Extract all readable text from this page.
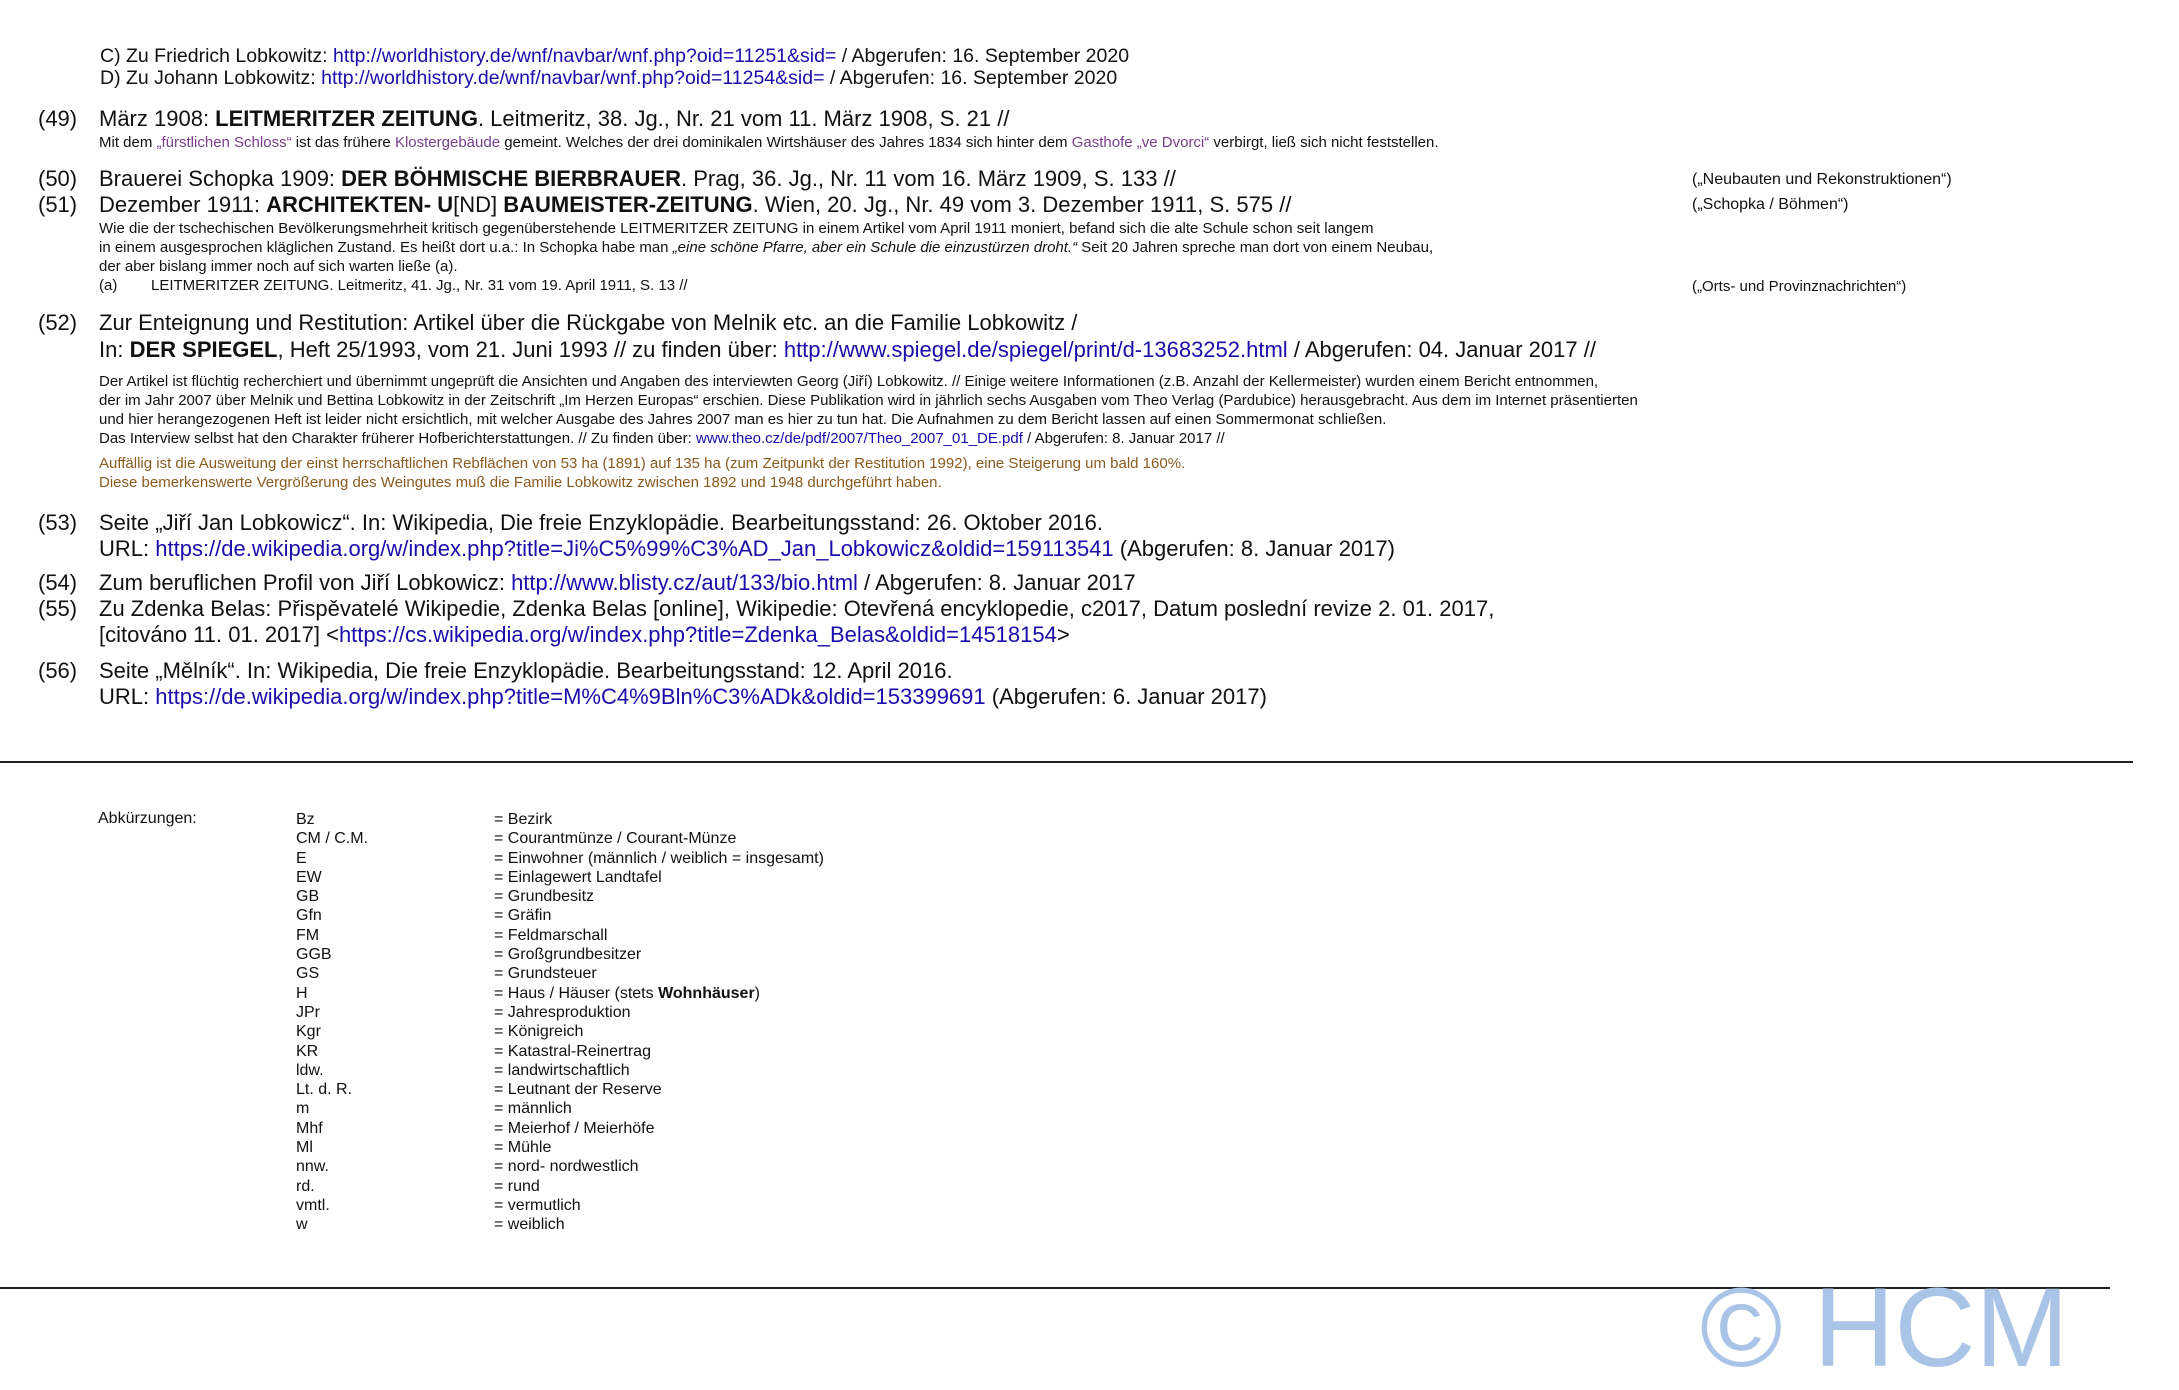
C) Zu Friedrich Lobkowitz: http://worldhistory.de/wnf/navbar/wnf.php?oid=11251&sid= / Abgerufen: 16. September 2020
D) Zu Johann Lobkowitz: http://worldhistory.de/wnf/navbar/wnf.php?oid=11254&sid= / Abgerufen: 16. September 2020
(49) März 1908: LEITMERITZER ZEITUNG. Leitmeritz, 38. Jg., Nr. 21 vom 11. März 1908, S. 21 //
Mit dem „fürstlichen Schloss“ ist das frühere Klostergebäude gemeint. Welches der drei dominikalen Wirtshäuser des Jahres 1834 sich hinter dem Gasthofe „ve Dvorci“ verbirgt, ließ sich nicht feststellen.
(50) Brauerei Schopka 1909: DER BÖHMISCHE BIERBRAUER. Prag, 36. Jg., Nr. 11 vom 16. März 1909, S. 133 //	(„Neubauten und Rekonstruktionen“)
(51) Dezember 1911: ARCHITEKTEN- U[ND] BAUMEISTER-ZEITUNG. Wien, 20. Jg., Nr. 49 vom 3. Dezember 1911, S. 575 //
Wie die der tschechischen Bevölkerungsmehrheit kritisch gegenüberstehende LEITMERITZER ZEITUNG in einem Artikel vom April 1911 moniert, befand sich die alte Schule schon seit langem
in einem ausgesprochen kläglichen Zustand. Es heißt dort u.a.: In Schopka habe man „eine schöne Pfarre, aber ein Schule die einzustürzen droht.“ Seit 20 Jahren spreche man dort von einem Neubau,
der aber bislang immer noch auf sich warten ließe (a).
(a) LEITMERITZER ZEITUNG. Leitmeritz, 41. Jg., Nr. 31 vom 19. April 1911, S. 13 //
(„Schopka / Böhmen“)
(„Orts- und Provinznachrichten“)
(52) Zur Enteignung und Restitution: Artikel über die Rückgabe von Melnik etc. an die Familie Lobkowitz /
In: DER SPIEGEL, Heft 25/1993, vom 21. Juni 1993 // zu finden über: http://www.spiegel.de/spiegel/print/d-13683252.html / Abgerufen: 04. Januar 2017 //
Der Artikel ist flüchtig recherchiert und übernimmt ungeprüft die Ansichten und Angaben des interviewten Georg (Jiří) Lobkowitz. // Einige weitere Informationen (z.B. Anzahl der Kellermeister) wurden einem Bericht entnommen,
der im Jahr 2007 über Melnik und Bettina Lobkowitz in der Zeitschrift „Im Herzen Europas“ erschien. Diese Publikation wird in jährlich sechs Ausgaben vom Theo Verlag (Pardubice) herausgebracht. Aus dem im Internet präsentierten
und hier herangezogenen Heft ist leider nicht ersichtlich, mit welcher Ausgabe des Jahres 2007 man es hier zu tun hat. Die Aufnahmen zu dem Bericht lassen auf einen Sommermonat schließen.
Das Interview selbst hat den Charakter früherer Hofberichterstattungen. // Zu finden über: www.theo.cz/de/pdf/2007/Theo_2007_01_DE.pdf / Abgerufen: 8. Januar 2017 //
Auffällig ist die Ausweitung der einst herrschaftlichen Rebflächen von 53 ha (1891) auf 135 ha (zum Zeitpunkt der Restitution 1992), eine Steigerung um bald 160%.
Diese bemerkenswerte Vergrößerung des Weingutes muß die Familie Lobkowitz zwischen 1892 und 1948 durchgeführt haben.
(53) Seite „Jiří Jan Lobkowicz“. In: Wikipedia, Die freie Enzyklopädie. Bearbeitungsstand: 26. Oktober 2016.
URL: https://de.wikipedia.org/w/index.php?title=Ji%C5%99%C3%AD_Jan_Lobkowicz&oldid=159113541 (Abgerufen: 8. Januar 2017)
(54) Zum beruflichen Profil von Jiří Lobkowicz: http://www.blisty.cz/aut/133/bio.html / Abgerufen: 8. Januar 2017
(55) Zu Zdenka Belas: Přispěvatelé Wikipedie, Zdenka Belas [online], Wikipedie: Otevřená encyklopedie, c2017, Datum poslední revize 2. 01. 2017,
[citováno 11. 01. 2017] <https://cs.wikipedia.org/w/index.php?title=Zdenka_Belas&oldid=14518154>
(56) Seite „Mělník“. In: Wikipedia, Die freie Enzyklopädie. Bearbeitungsstand: 12. April 2016.
URL: https://de.wikipedia.org/w/index.php?title=M%C4%9Bln%C3%ADk&oldid=153399691 (Abgerufen: 6. Januar 2017)
Abkürzungen:	Bz
CM / C.M.
E
EW
GB
Gfn
FM
GGB
GS
H
JPr
Kgr
KR
ldw.
Lt. d. R.
m
Mhf
Ml
nnw.
rd.
vmtl.
w
= Bezirk
= Courantmünze / Courant-Münze
= Einwohner (männlich / weiblich = insgesamt)
= Einlagewert Landtafel
= Grundbesitz
= Gräfin
= Feldmarschall
= Großgrundbesitzer
= Grundsteuer
= Haus / Häuser (stets Wohnhäuser)
= Jahresproduktion
= Königreich
= Katastral-Reinertrag
= landwirtschaftlich
= Leutnant der Reserve
= männlich
= Meierhof / Meierhöfe
= Mühle
= nord- nordwestlich
= rund
= vermutlich
= weiblich
© HCM
